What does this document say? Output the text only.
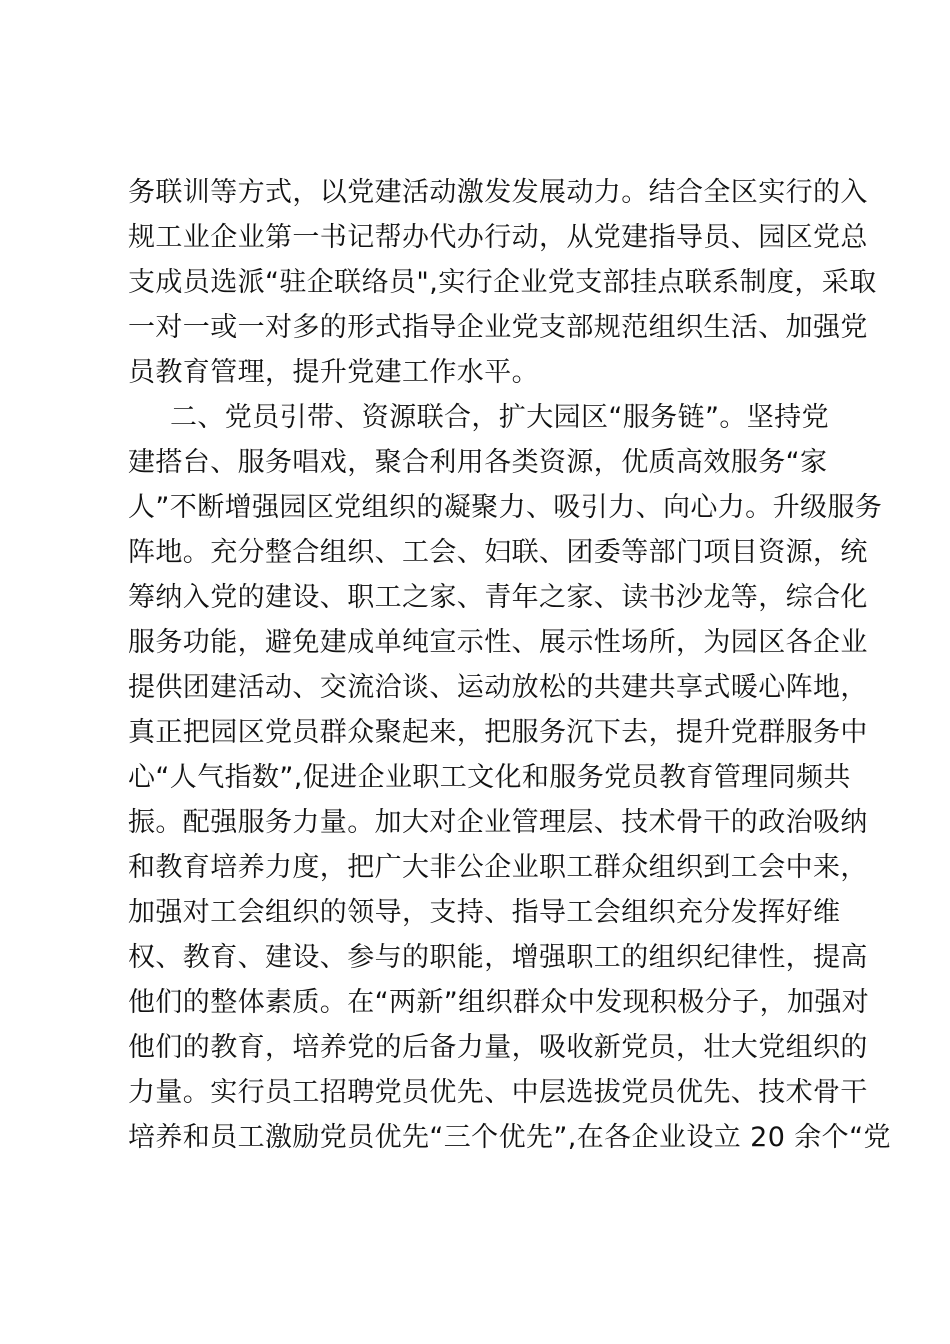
务联训等方式，以党建活动激发发展动力。结合全区实行的入
规工业企业第一书记帮办代办行动，从党建指导员、园区党总
支成员选派“驻企联络员",实行企业党支部挂点联系制度，采取
一对一或一对多的形式指导企业党支部规范组织生活、加强党
员教育管理，提升党建工作水平。
二、党员引带、资源联合，扩大园区“服务链”。坚持党
建搭台、服务唱戏，聚合利用各类资源，优质高效服务“家
人”不断增强园区党组织的凝聚力、吸引力、向心力。升级服务
阵地。充分整合组织、工会、妇联、团委等部门项目资源，统
筹纳入党的建设、职工之家、青年之家、读书沙龙等，综合化
服务功能，避免建成单纯宣示性、展示性场所，为园区各企业
提供团建活动、交流洽谈、运动放松的共建共享式暖心阵地，
真正把园区党员群众聚起来，把服务沉下去，提升党群服务中
心“人气指数”,促进企业职工文化和服务党员教育管理同频共
振。配强服务力量。加大对企业管理层、技术骨干的政治吸纳
和教育培养力度，把广大非公企业职工群众组织到工会中来，
加强对工会组织的领导，支持、指导工会组织充分发挥好维
权、教育、建设、参与的职能，增强职工的组织纪律性，提高
他们的整体素质。在“两新”组织群众中发现积极分子，加强对
他们的教育，培养党的后备力量，吸收新党员，壮大党组织的
力量。实行员工招聘党员优先、中层选拔党员优先、技术骨干
培养和员工激励党员优先“三个优先”,在各企业设立 20 余个“党
